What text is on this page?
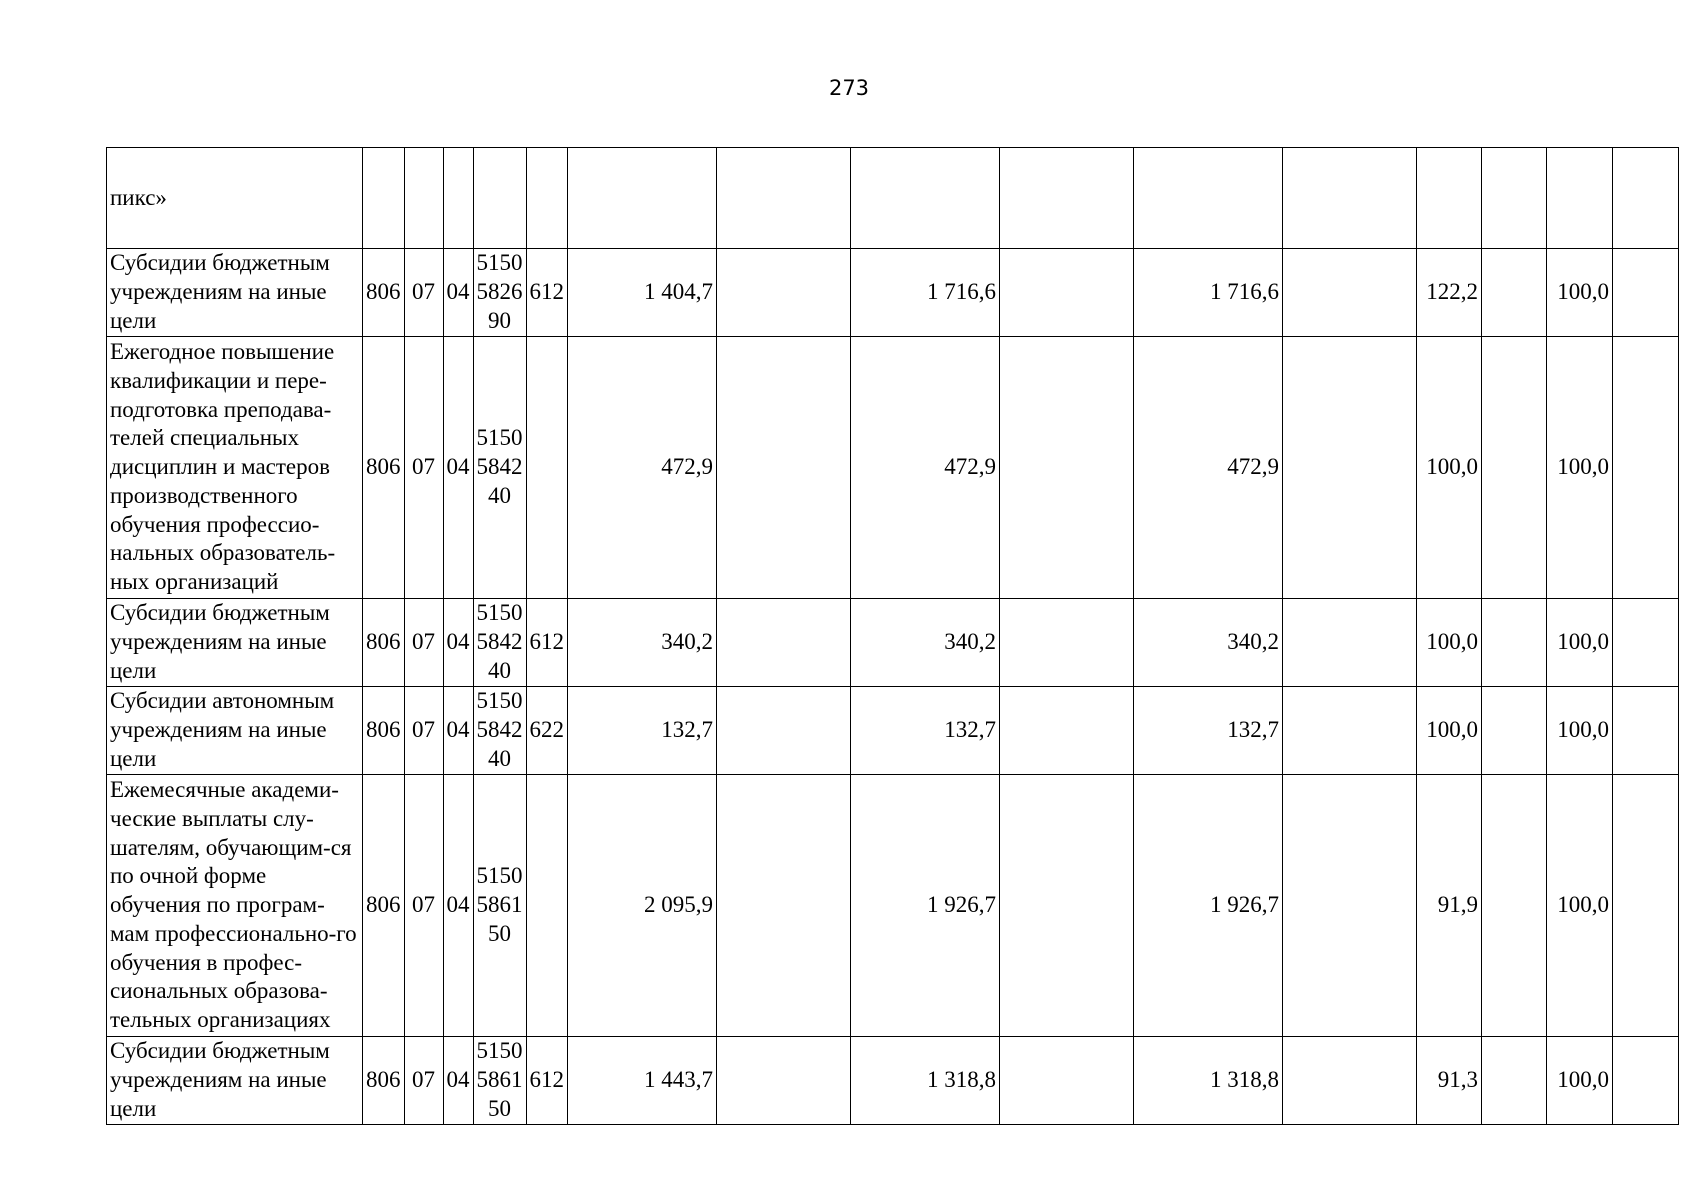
273
пикс»															
Субсидии бюджетным учреждениям на иные цели	806	07	04	5150582690	612	1 404,7		1 716,6		1 716,6		122,2		100,0	
Ежегодное повышение квалификации и пере-подготовка преподава-телей специальных дисциплин и мастеров производственного обучения профессио-нальных образователь-ных организаций	806	07	04	5150584240		472,9		472,9		472,9		100,0		100,0	
Субсидии бюджетным учреждениям на иные цели	806	07	04	5150584240	612	340,2		340,2		340,2		100,0		100,0	
Субсидии автономным учреждениям на иные цели	806	07	04	5150584240	622	132,7		132,7		132,7		100,0		100,0	
Ежемесячные академи-ческие выплаты слу-шателям, обучающим-ся по очной форме обучения по програм-мам профессионально-го обучения в профес-сиональных образова-тельных организациях	806	07	04	5150586150		2 095,9		1 926,7		1 926,7		91,9		100,0	
Субсидии бюджетным учреждениям на иные цели	806	07	04	5150586150	612	1 443,7		1 318,8		1 318,8		91,3		100,0	
